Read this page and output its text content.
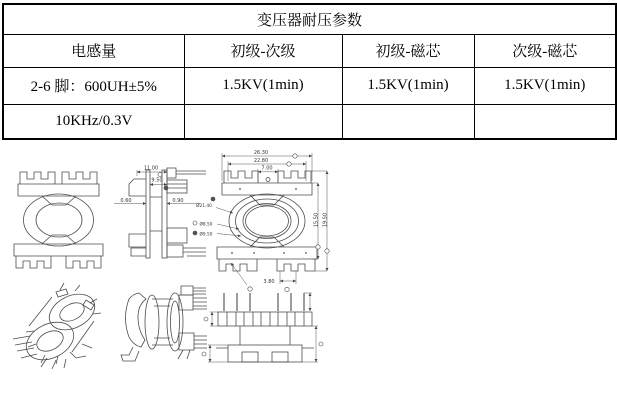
变压器耐压参数			
电感量	初级-次级	初级-磁芯	次级-磁芯
2-6 脚：600UH±5%	1.5KV(1min)	1.5KV(1min)	1.5KV(1min)
10KHz/0.3V			
11.00
9.50
0.60	0.90
26.30
22.80
7.00
15.50 19.50
Ø21.40
Ø8.50
Ø9.50
3.80
